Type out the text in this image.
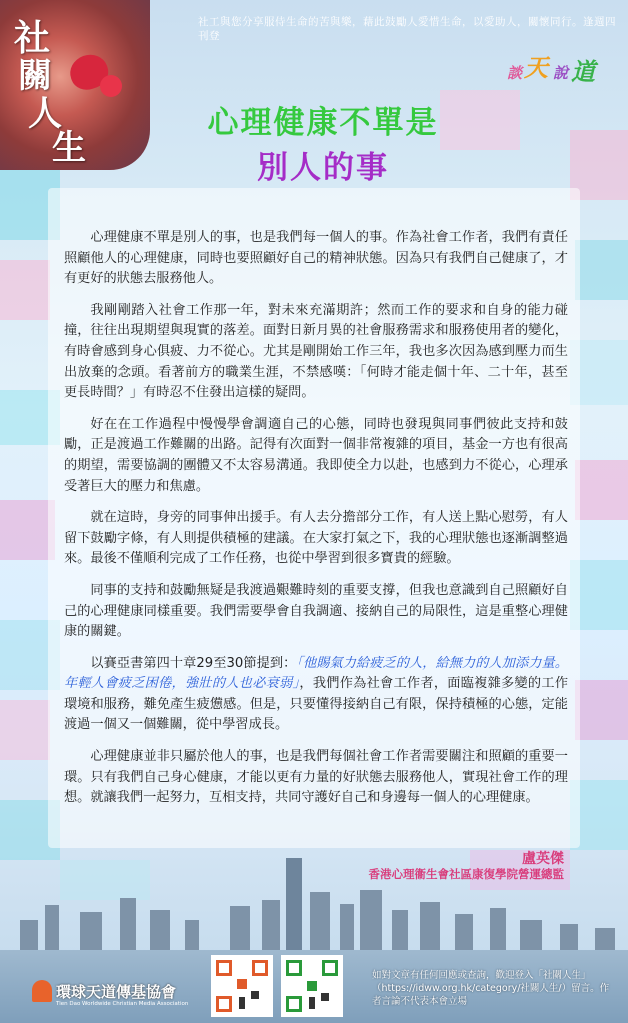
社
關
人
生
社工與您分享服侍生命的苦與樂，藉此鼓勵人愛惜生命，以愛助人，關懷同行。逢週四刊登
談 天 說 道
心理健康不單是
別人的事

心理健康不單是別人的事，也是我們每一個人的事。作為社會工作者，我們有責任照顧他人的心理健康，同時也要照顧好自己的精神狀態。因為只有我們自己健康了，才有更好的狀態去服務他人。

我剛剛踏入社會工作那一年，對未來充滿期許；然而工作的要求和自身的能力碰撞，往往出現期望與現實的落差。面對日新月異的社會服務需求和服務使用者的變化，有時會感到身心俱疲、力不從心。尤其是剛開始工作三年，我也多次因為感到壓力而生出放棄的念頭。看著前方的職業生涯，不禁感嘆：「何時才能走個十年、二十年，甚至更長時間？」有時忍不住發出這樣的疑問。

好在在工作過程中慢慢學會調適自己的心態，同時也發現與同事們彼此支持和鼓勵，正是渡過工作難關的出路。記得有次面對一個非常複雜的項目，基金一方也有很高的期望，需要協調的團體又不太容易溝通。我即使全力以赴，也感到力不從心，心理承受著巨大的壓力和焦慮。

就在這時，身旁的同事伸出援手。有人去分擔部分工作，有人送上點心慰勞，有人留下鼓勵字條，有人則提供積極的建議。在大家打氣之下，我的心理狀態也逐漸調整過來。最後不僅順利完成了工作任務，也從中學習到很多寶貴的經驗。

同事的支持和鼓勵無疑是我渡過艱難時刻的重要支撐，但我也意識到自己照顧好自己的心理健康同樣重要。我們需要學會自我調適、接納自己的局限性，這是重整心理健康的關鍵。

以賽亞書第四十章29至30節提到：「他賜氣力給疲乏的人，給無力的人加添力量。年輕人會疲乏困倦，強壯的人也必衰弱」，我們作為社會工作者，面臨複雜多變的工作環境和服務，難免產生疲憊感。但是，只要懂得接納自己有限，保持積極的心態，定能渡過一個又一個難關，從中學習成長。

心理健康並非只屬於他人的事，也是我們每個社會工作者需要關注和照顧的重要一環。只有我們自己身心健康，才能以更有力量的好狀態去服務他人，實現社會工作的理想。就讓我們一起努力，互相支持，共同守護好自己和身邊每一個人的心理健康。

盧英傑
香港心理衞生會社區康復學院營運總監
環球天道傳基協會
Tien Dao Worldwide Christian Media Association
如對文章有任何回應或查詢，歡迎登入「社關人生」（https://idww.org.hk/category/社關人生/）留言。作者言論不代表本會立場
